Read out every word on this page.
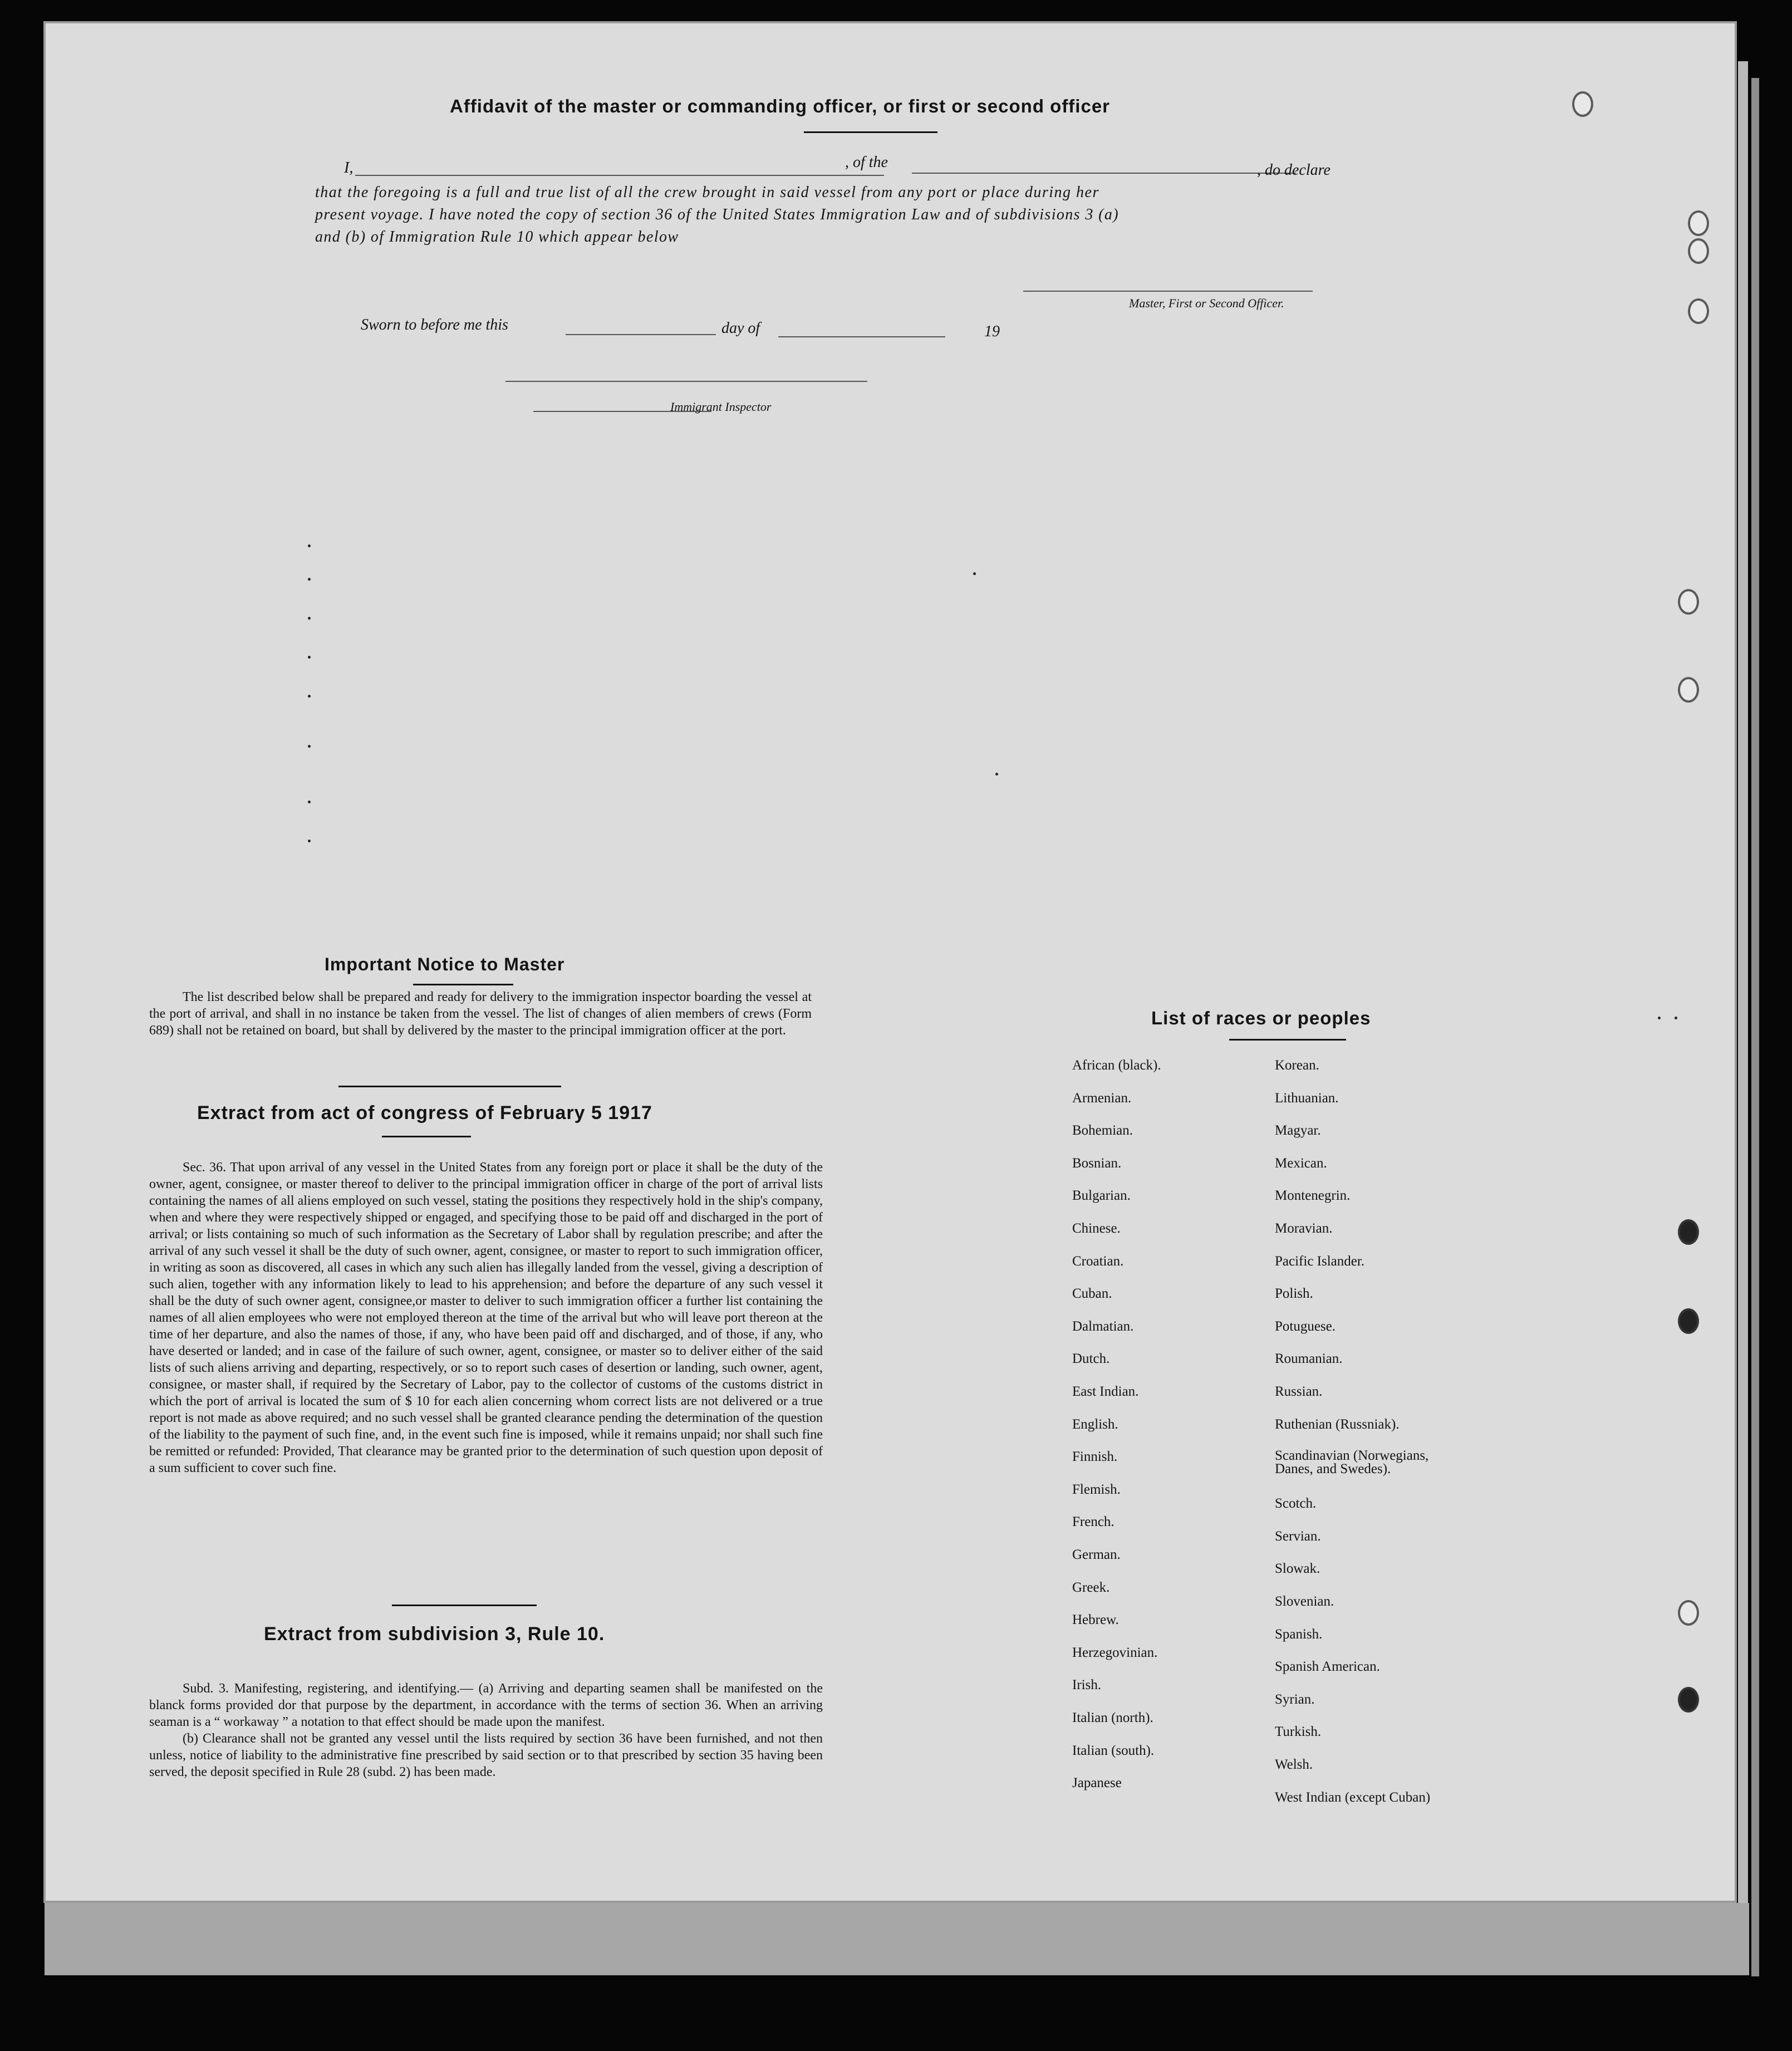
Affidavit of the master or commanding officer, or first or second officer
I,	, of the	, do declare
that the foregoing is a full and true list of all the crew brought in said vessel from any port or place during her
present voyage. I have noted the copy of section 36 of the United States Immigration Law and of subdivisions 3 (a)
and (b) of Immigration Rule 10 which appear below
Master, First or Second Officer.
Sworn to before me this	day of	19
Immigrant Inspector
Important Notice to Master

The list described below shall be prepared and ready for delivery to the immigration inspector boarding the vessel at the port of arrival, and shall in no instance be taken from the vessel. The list of changes of alien members of crews (Form 689) shall not be retained on board, but shall by delivered by the master to the principal immigration officer at the port.

Extract from act of congress of February 5 1917

Sec. 36. That upon arrival of any vessel in the United States from any foreign port or place it shall be the duty of the owner, agent, consignee, or master thereof to deliver to the principal immigration officer in charge of the port of arrival lists containing the names of all aliens employed on such vessel, stating the positions they respectively hold in the ship's company, when and where they were respectively shipped or engaged, and specifying those to be paid off and discharged in the port of arrival; or lists containing so much of such information as the Secretary of Labor shall by regulation prescribe; and after the arrival of any such vessel it shall be the duty of such owner, agent, consignee, or master to report to such immigration officer, in writing as soon as discovered, all cases in which any such alien has illegally landed from the vessel, giving a description of such alien, together with any information likely to lead to his apprehension; and before the departure of any such vessel it shall be the duty of such owner agent, consignee,or master to deliver to such immigration officer a further list containing the names of all alien employees who were not employed thereon at the time of the arrival but who will leave port thereon at the time of her departure, and also the names of those, if any, who have been paid off and discharged, and of those, if any, who have deserted or landed; and in case of the failure of such owner, agent, consignee, or master so to deliver either of the said lists of such aliens arriving and departing, respectively, or so to report such cases of desertion or landing, such owner, agent, consignee, or master shall, if required by the Secretary of Labor, pay to the collector of customs of the customs district in which the port of arrival is located the sum of $ 10 for each alien concerning whom correct lists are not delivered or a true report is not made as above required; and no such vessel shall be granted clearance pending the determination of the question of the liability to the payment of such fine, and, in the event such fine is imposed, while it remains unpaid; nor shall such fine be remitted or refunded: Provided, That clearance may be granted prior to the determination of such question upon deposit of a sum sufficient to cover such fine.

Extract from subdivision 3, Rule 10.

Subd. 3. Manifesting, registering, and identifying.— (a) Arriving and departing seamen shall be manifested on the blanck forms provided dor that purpose by the department, in accordance with the terms of section 36. When an arriving seaman is a “ workaway ” a notation to that effect should be made upon the manifest.

(b) Clearance shall not be granted any vessel until the lists required by section 36 have been furnished, and not then unless, notice of liability to the administrative fine prescribed by said section or to that prescribed by section 35 having been served, the deposit specified in Rule 28 (subd. 2) has been made.

List of races or peoples
African (black).
Armenian.
Bohemian.
Bosnian.
Bulgarian.
Chinese.
Croatian.
Cuban.
Dalmatian.
Dutch.
East Indian.
English.
Finnish.
Flemish.
French.
German.
Greek.
Hebrew.
Herzegovinian.
Irish.
Italian (north).
Italian (south).
Japanese
Korean.
Lithuanian.
Magyar.
Mexican.
Montenegrin.
Moravian.
Pacific Islander.
Polish.
Potuguese.
Roumanian.
Russian.
Ruthenian (Russniak).
Scandinavian (Norwegians, Danes, and Swedes).
Scotch.
Servian.
Slowak.
Slovenian.
Spanish.
Spanish American.
Syrian.
Turkish.
Welsh.
West Indian (except Cuban)
